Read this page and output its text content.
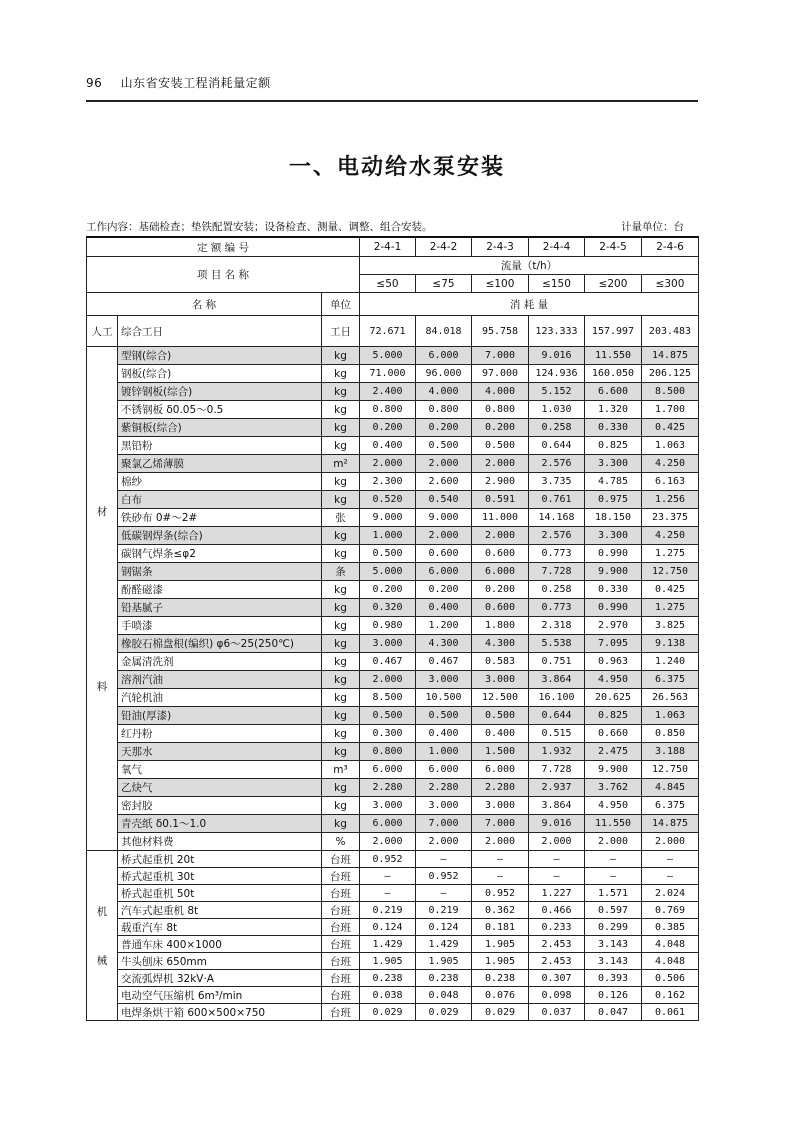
96 山东省安装工程消耗量定额
一、电动给水泵安装
工作内容：基础检查；垫铁配置安装；设备检查、测量、调整、组合安装。	计量单位：台
定 额 编 号			2-4-1	2-4-2	2-4-3	2-4-4	2-4-5	2-4-6
项 目 名 称			流量（t/h）					
			≤50	≤75	≤100	≤150	≤200	≤300
名 称		单位	消 耗 量					
人工	综合工日	工日	72.671	84.018	95.758	123.333	157.997	203.483

材
料	型钢(综合)	kg	5.000	6.000	7.000	9.016	11.550	14.875
	钢板(综合)	kg	71.000	96.000	97.000	124.936	160.050	206.125
	镀锌钢板(综合)	kg	2.400	4.000	4.000	5.152	6.600	8.500
	不锈钢板 δ0.05～0.5	kg	0.800	0.800	0.800	1.030	1.320	1.700
	紫铜板(综合)	kg	0.200	0.200	0.200	0.258	0.330	0.425
	黑铅粉	kg	0.400	0.500	0.500	0.644	0.825	1.063
	聚氯乙烯薄膜	m²	2.000	2.000	2.000	2.576	3.300	4.250
	棉纱	kg	2.300	2.600	2.900	3.735	4.785	6.163
	白布	kg	0.520	0.540	0.591	0.761	0.975	1.256
	铁砂布 0#～2#	张	9.000	9.000	11.000	14.168	18.150	23.375
	低碳钢焊条(综合)	kg	1.000	2.000	2.000	2.576	3.300	4.250
	碳钢气焊条≤φ2	kg	0.500	0.600	0.600	0.773	0.990	1.275
	钢锯条	条	5.000	6.000	6.000	7.728	9.900	12.750
	酚醛磁漆	kg	0.200	0.200	0.200	0.258	0.330	0.425
	铅基腻子	kg	0.320	0.400	0.600	0.773	0.990	1.275
	手喷漆	kg	0.980	1.200	1.800	2.318	2.970	3.825
	橡胶石棉盘根(编织) φ6～25(250℃)	kg	3.000	4.300	4.300	5.538	7.095	9.138
	金属清洗剂	kg	0.467	0.467	0.583	0.751	0.963	1.240
	溶剂汽油	kg	2.000	3.000	3.000	3.864	4.950	6.375
	汽轮机油	kg	8.500	10.500	12.500	16.100	20.625	26.563
	铅油(厚漆)	kg	0.500	0.500	0.500	0.644	0.825	1.063
	红丹粉	kg	0.300	0.400	0.400	0.515	0.660	0.850
	天那水	kg	0.800	1.000	1.500	1.932	2.475	3.188
	氧气	m³	6.000	6.000	6.000	7.728	9.900	12.750
	乙炔气	kg	2.280	2.280	2.280	2.937	3.762	4.845
	密封胶	kg	3.000	3.000	3.000	3.864	4.950	6.375
	青壳纸 δ0.1～1.0	kg	6.000	7.000	7.000	9.016	11.550	14.875
	其他材料费	%	2.000	2.000	2.000	2.000	2.000	2.000

机
械	桥式起重机 20t	台班	0.952	—	—	—	—	—
	桥式起重机 30t	台班	—	0.952	—	—	—	—
	桥式起重机 50t	台班	—	—	0.952	1.227	1.571	2.024
	汽车式起重机 8t	台班	0.219	0.219	0.362	0.466	0.597	0.769
	载重汽车 8t	台班	0.124	0.124	0.181	0.233	0.299	0.385
	普通车床 400×1000	台班	1.429	1.429	1.905	2.453	3.143	4.048
	牛头刨床 650mm	台班	1.905	1.905	1.905	2.453	3.143	4.048
	交流弧焊机 32kV·A	台班	0.238	0.238	0.238	0.307	0.393	0.506
	电动空气压缩机 6m³/min	台班	0.038	0.048	0.076	0.098	0.126	0.162
	电焊条烘干箱 600×500×750	台班	0.029	0.029	0.029	0.037	0.047	0.061
